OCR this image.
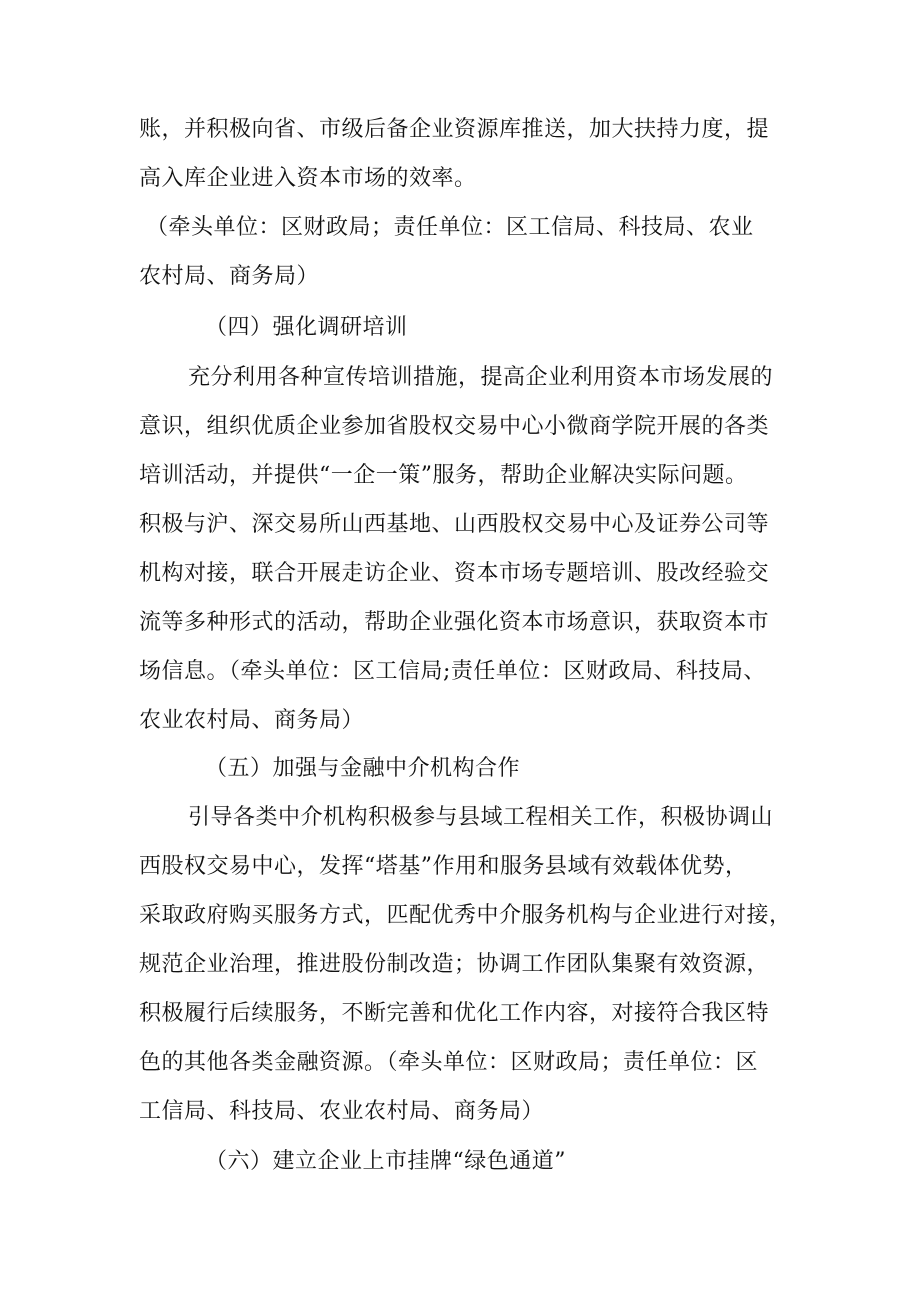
账，并积极向省、市级后备企业资源库推送，加大扶持力度，提
高入库企业进入资本市场的效率。
（牵头单位：区财政局；责任单位：区工信局、科技局、农业
农村局、商务局）
（四）强化调研培训
充分利用各种宣传培训措施，提高企业利用资本市场发展的
意识，组织优质企业参加省股权交易中心小微商学院开展的各类
培训活动，并提供“一企一策”服务，帮助企业解决实际问题。
积极与沪、深交易所山西基地、山西股权交易中心及证券公司等
机构对接，联合开展走访企业、资本市场专题培训、股改经验交
流等多种形式的活动，帮助企业强化资本市场意识，获取资本市
场信息。（牵头单位：区工信局;责任单位：区财政局、科技局、
农业农村局、商务局）
（五）加强与金融中介机构合作
引导各类中介机构积极参与县域工程相关工作，积极协调山
西股权交易中心，发挥“塔基”作用和服务县域有效载体优势，
采取政府购买服务方式，匹配优秀中介服务机构与企业进行对接，
规范企业治理，推进股份制改造；协调工作团队集聚有效资源，
积极履行后续服务，不断完善和优化工作内容，对接符合我区特
色的其他各类金融资源。（牵头单位：区财政局；责任单位：区
工信局、科技局、农业农村局、商务局）
（六）建立企业上市挂牌“绿色通道”
